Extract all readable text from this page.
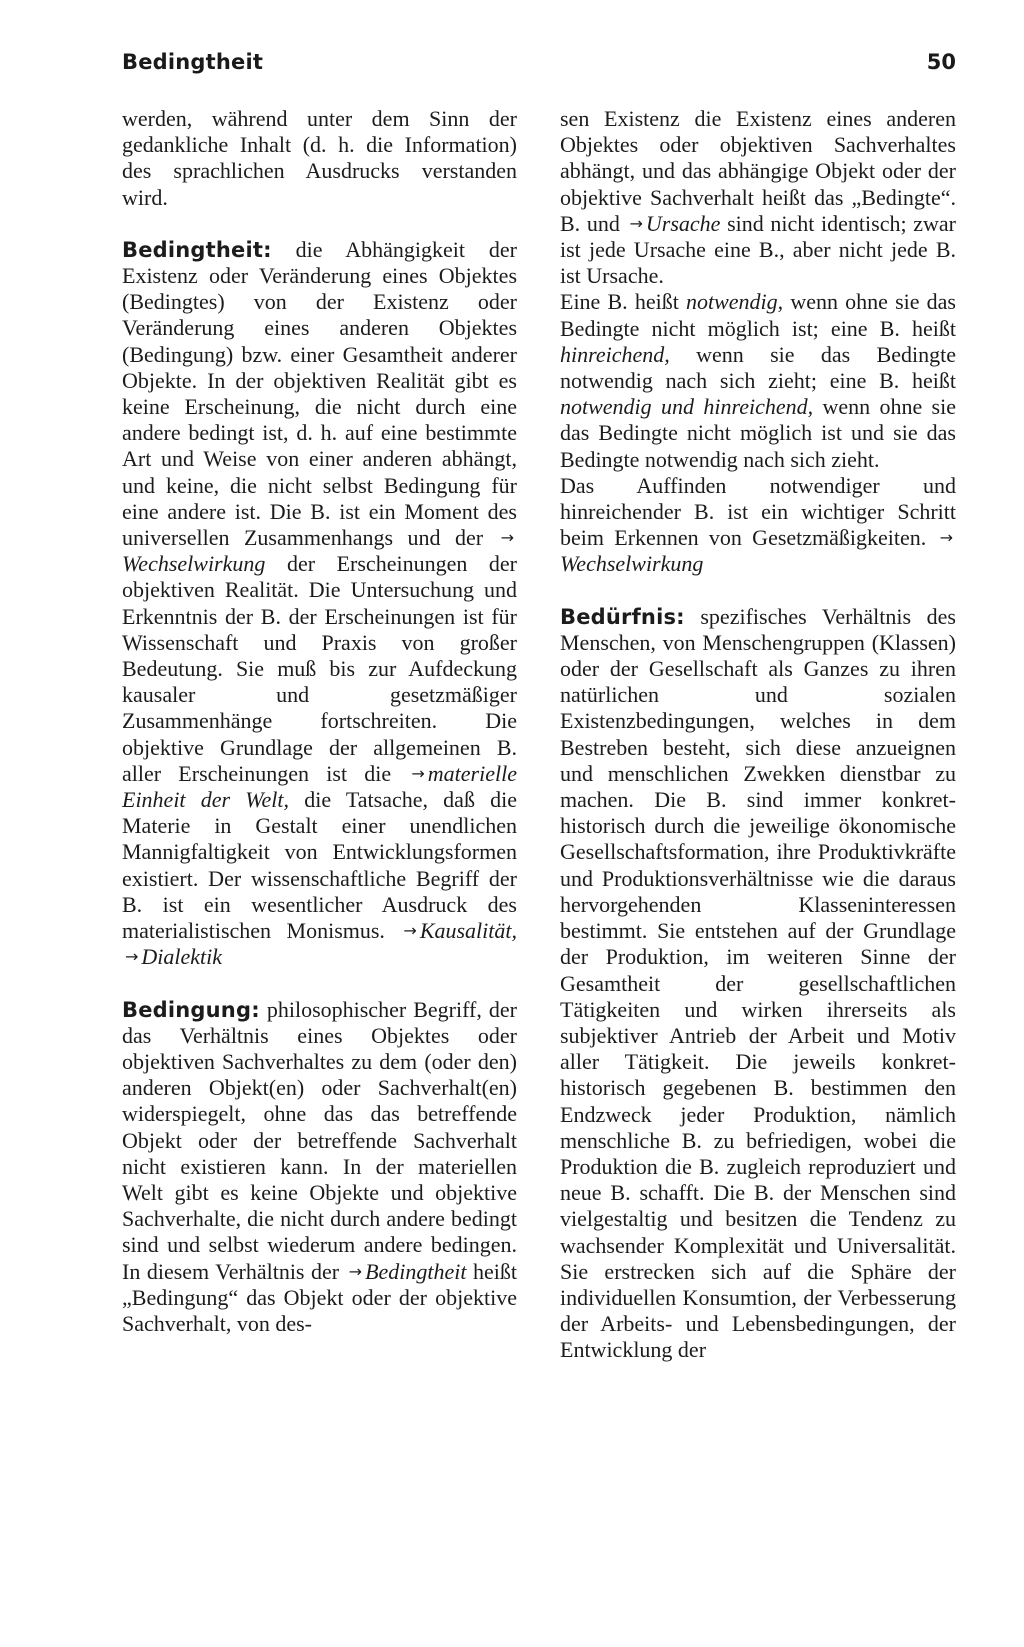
Bedingtheit	50

werden, während unter dem Sinn der gedankliche Inhalt (d. h. die Information) des sprachlichen Ausdrucks verstanden wird.

Bedingtheit: die Abhängigkeit der Existenz oder Veränderung eines Objektes (Bedingtes) von der Existenz oder Veränderung eines anderen Objektes (Bedingung) bzw. einer Gesamtheit anderer Objekte. In der objektiven Realität gibt es keine Erscheinung, die nicht durch eine andere bedingt ist, d. h. auf eine bestimmte Art und Weise von einer anderen abhängt, und keine, die nicht selbst Bedingung für eine andere ist. Die B. ist ein Moment des universellen Zusammenhangs und der →Wechselwirkung der Erscheinungen der objektiven Realität. Die Untersuchung und Erkenntnis der B. der Erscheinungen ist für Wissenschaft und Praxis von großer Bedeutung. Sie muß bis zur Aufdeckung kausaler und gesetzmäßiger Zusammenhänge fortschreiten. Die objektive Grundlage der allgemeinen B. aller Erscheinungen ist die → materielle Einheit der Welt, die Tatsache, daß die Materie in Gestalt einer unendlichen Mannigfaltigkeit von Entwicklungsformen existiert. Der wissenschaftliche Begriff der B. ist ein wesentlicher Ausdruck des materialistischen Monismus. → Kausalität, → Dialektik

Bedingung: philosophischer Begriff, der das Verhältnis eines Objektes oder objektiven Sachverhaltes zu dem (oder den) anderen Objekt(en) oder Sachverhalt(en) widerspiegelt, ohne das das betreffende Objekt oder der betreffende Sachverhalt nicht existieren kann. In der materiellen Welt gibt es keine Objekte und objektive Sachverhalte, die nicht durch andere bedingt sind und selbst wiederum andere bedingen. In diesem Verhältnis der → Bedingtheit heißt „Bedingung“ das Objekt oder der objektive Sachverhalt, von des-

sen Existenz die Existenz eines anderen Objektes oder objektiven Sachverhaltes abhängt, und das abhängige Objekt oder der objektive Sachverhalt heißt das „Bedingte“. B. und → Ursache sind nicht identisch; zwar ist jede Ursache eine B., aber nicht jede B. ist Ursache.

Eine B. heißt notwendig, wenn ohne sie das Bedingte nicht möglich ist; eine B. heißt hinreichend, wenn sie das Bedingte notwendig nach sich zieht; eine B. heißt notwendig und hinreichend, wenn ohne sie das Bedingte nicht möglich ist und sie das Bedingte notwendig nach sich zieht.

Das Auffinden notwendiger und hinreichender B. ist ein wichtiger Schritt beim Erkennen von Gesetzmäßigkeiten. →Wechselwirkung

Bedürfnis: spezifisches Verhältnis des Menschen, von Menschengruppen (Klassen) oder der Gesellschaft als Ganzes zu ihren natürlichen und sozialen Existenzbedingungen, welches in dem Bestreben besteht, sich diese anzueignen und menschlichen Zwekken dienstbar zu machen. Die B. sind immer konkret-historisch durch die jeweilige ökonomische Gesellschaftsformation, ihre Produktivkräfte und Produktionsverhältnisse wie die daraus hervorgehenden Klasseninteressen bestimmt. Sie entstehen auf der Grundlage der Produktion, im weiteren Sinne der Gesamtheit der gesellschaftlichen Tätigkeiten und wirken ihrerseits als subjektiver Antrieb der Arbeit und Motiv aller Tätigkeit. Die jeweils konkret-historisch gegebenen B. bestimmen den Endzweck jeder Produktion, nämlich menschliche B. zu befriedigen, wobei die Produktion die B. zugleich reproduziert und neue B. schafft. Die B. der Menschen sind vielgestaltig und besitzen die Tendenz zu wachsender Komplexität und Universalität. Sie erstrecken sich auf die Sphäre der individuellen Konsumtion, der Verbesserung der Arbeits- und Lebensbedingungen, der Entwicklung der
